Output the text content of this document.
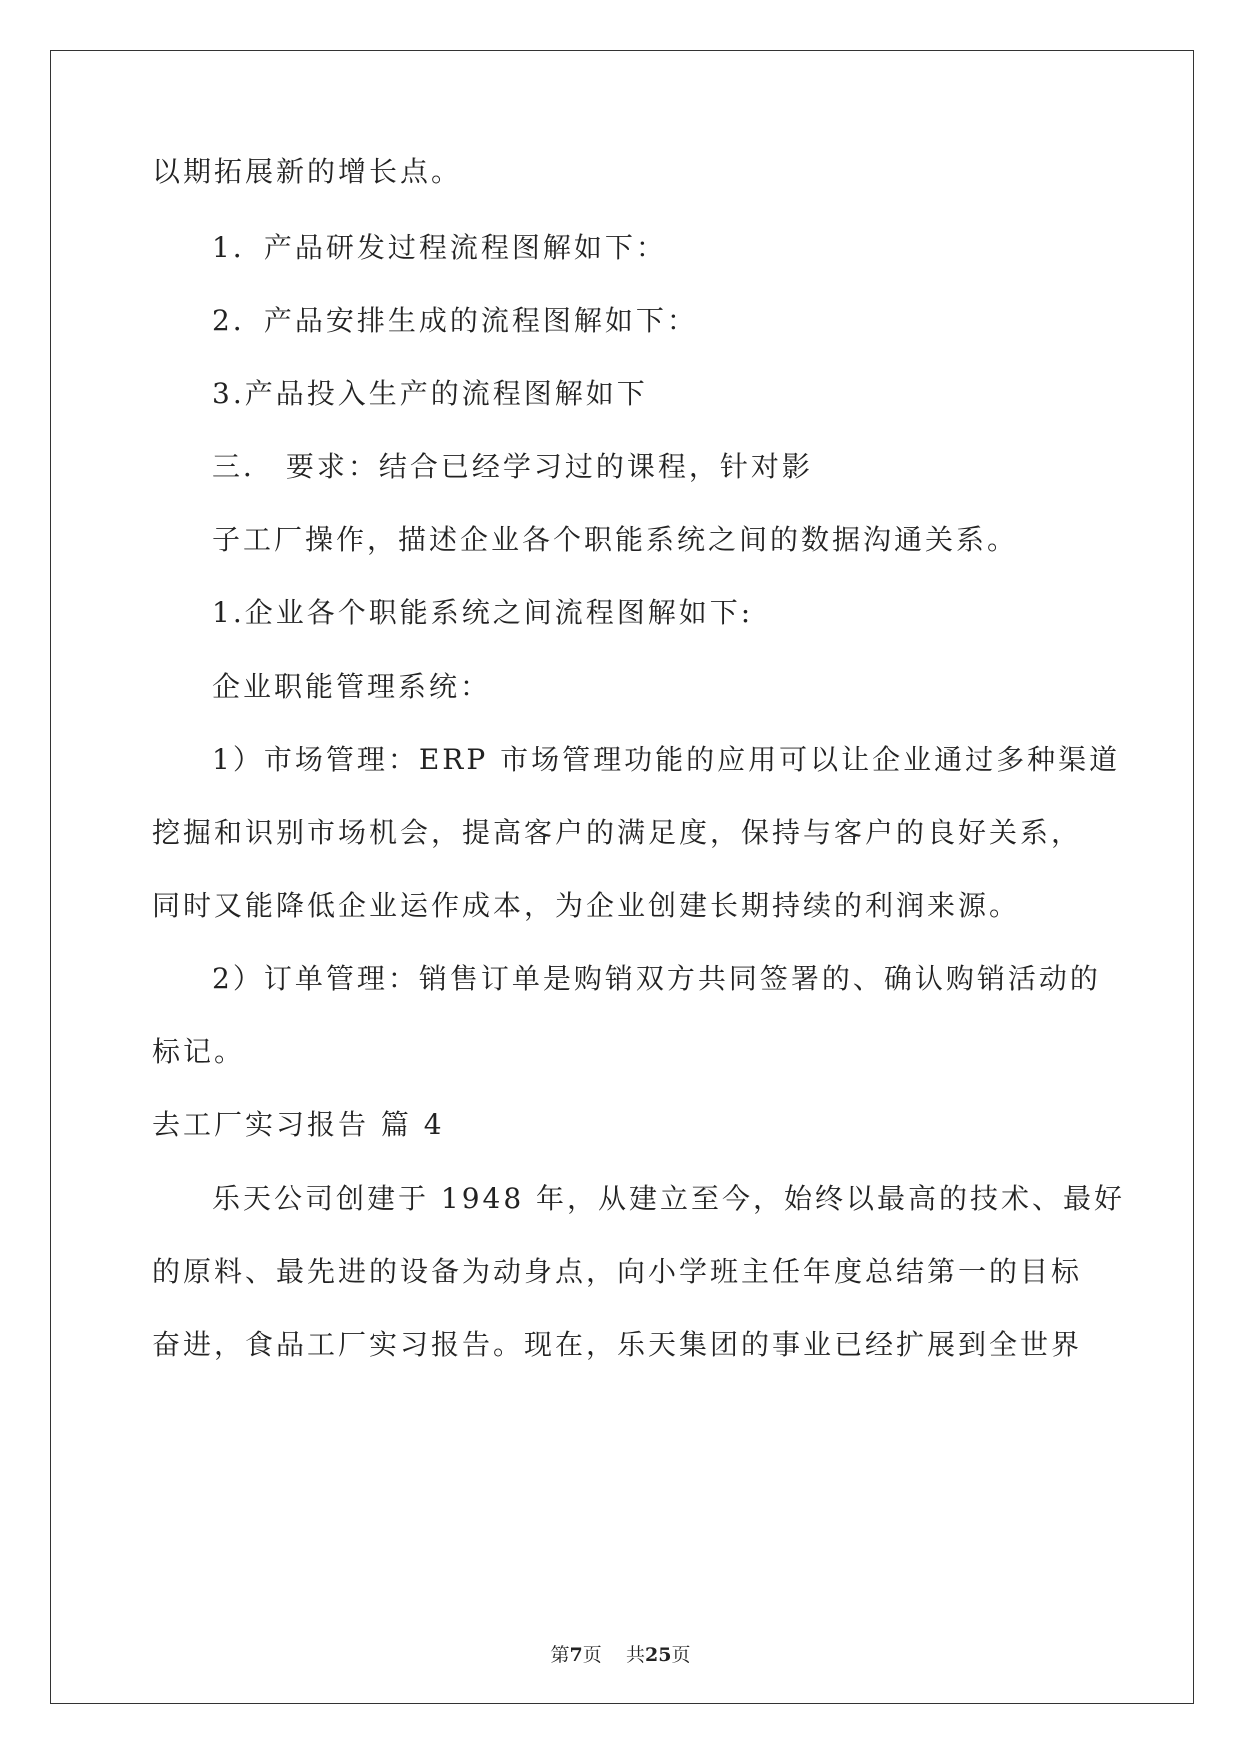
以期拓展新的增长点。
1．产品研发过程流程图解如下：
2．产品安排生成的流程图解如下：
3.产品投入生产的流程图解如下
三． 要求：结合已经学习过的课程，针对影
子工厂操作，描述企业各个职能系统之间的数据沟通关系。
1.企业各个职能系统之间流程图解如下:
企业职能管理系统：
1）市场管理：ERP 市场管理功能的应用可以让企业通过多种渠道
挖掘和识别市场机会，提高客户的满足度，保持与客户的良好关系，
同时又能降低企业运作成本，为企业创建长期持续的利润来源。
2）订单管理：销售订单是购销双方共同签署的、确认购销活动的
标记。
去工厂实习报告 篇 4
乐天公司创建于 1948 年，从建立至今，始终以最高的技术、最好
的原料、最先进的设备为动身点，向小学班主任年度总结第一的目标
奋进，食品工厂实习报告。现在，乐天集团的事业已经扩展到全世界
第7页 共25页
